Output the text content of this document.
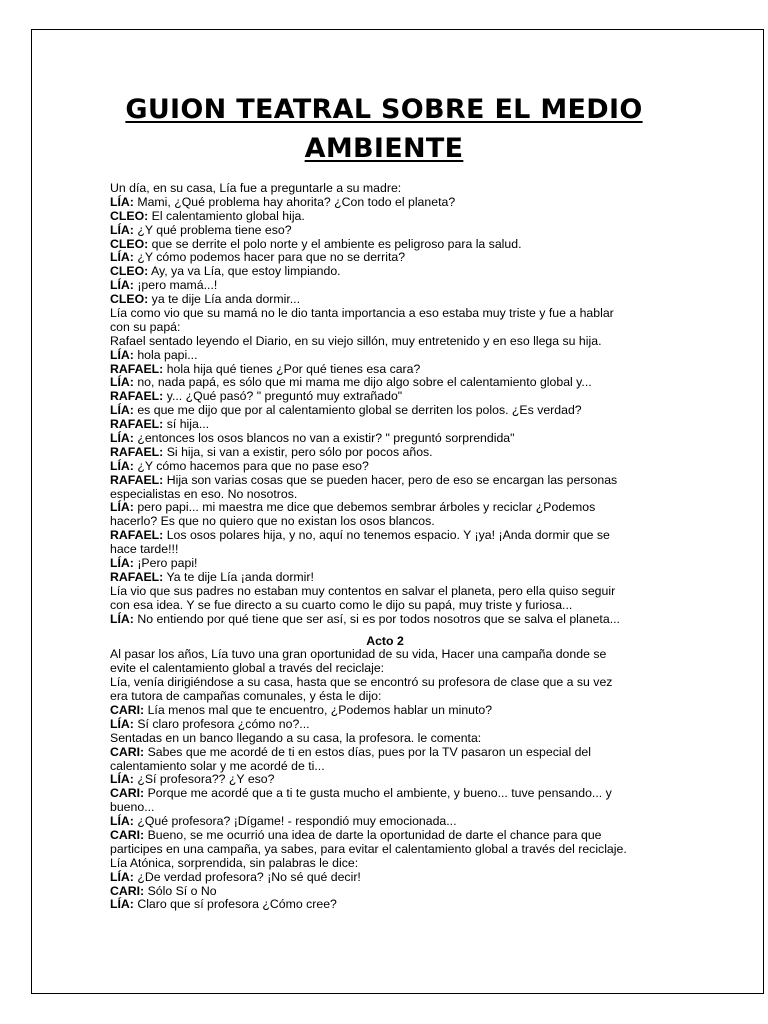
GUION TEATRAL SOBRE EL MEDIO
AMBIENTE
Un día, en su casa, Lía fue a preguntarle a su madre:
LÍA: Mami, ¿Qué problema hay ahorita? ¿Con todo el planeta?
CLEO: El calentamiento global hija.
LÍA: ¿Y qué problema tiene eso?
CLEO: que se derrite el polo norte y el ambiente es peligroso para la salud.
LÍA: ¿Y cómo podemos hacer para que no se derrita?
CLEO: Ay, ya va Lía, que estoy limpiando.
LÍA: ¡pero mamá...!
CLEO: ya te dije Lía anda dormir...
Lía como vio que su mamá no le dio tanta importancia a eso estaba muy triste y fue a hablar
con su papá:
Rafael sentado leyendo el Diario, en su viejo sillón, muy entretenido y en eso llega su hija.
LÍA: hola papi...
RAFAEL: hola hija qué tienes ¿Por qué tienes esa cara?
LÍA: no, nada papá, es sólo que mi mama me dijo algo sobre el calentamiento global y...
RAFAEL: y... ¿Qué pasó? " preguntó muy extrañado"
LÍA: es que me dijo que por al calentamiento global se derriten los polos. ¿Es verdad?
RAFAEL: sí hija...
LÍA: ¿entonces los osos blancos no van a existir? " preguntó sorprendida"
RAFAEL: Si hija, si van a existir, pero sólo por pocos años.
LÍA: ¿Y cómo hacemos para que no pase eso?
RAFAEL: Hija son varias cosas que se pueden hacer, pero de eso se encargan las personas
especialistas en eso. No nosotros.
LÍA: pero papi... mi maestra me dice que debemos sembrar árboles y reciclar ¿Podemos
hacerlo? Es que no quiero que no existan los osos blancos.
RAFAEL: Los osos polares hija, y no, aquí no tenemos espacio. Y ¡ya! ¡Anda dormir que se
hace tarde!!!
LÍA: ¡Pero papi!
RAFAEL: Ya te dije Lía ¡anda dormir!
Lía vio que sus padres no estaban muy contentos en salvar el planeta, pero ella quiso seguir
con esa idea. Y se fue directo a su cuarto como le dijo su papá, muy triste y furiosa...
LÍA: No entiendo por qué tiene que ser así, si es por todos nosotros que se salva el planeta...
Acto 2
Al pasar los años, Lía tuvo una gran oportunidad de su vida, Hacer una campaña donde se
evite el calentamiento global a través del reciclaje:
Lía, venía dirigiéndose a su casa, hasta que se encontró su profesora de clase que a su vez
era tutora de campañas comunales, y ésta le dijo:
CARI: Lía menos mal que te encuentro, ¿Podemos hablar un minuto?
LÍA: Sí claro profesora ¿cómo no?...
Sentadas en un banco llegando a su casa, la profesora. le comenta:
CARI: Sabes que me acordé de ti en estos días, pues por la TV pasaron un especial del
calentamiento solar y me acordé de ti...
LÍA: ¿Sí profesora?? ¿Y eso?
CARI: Porque me acordé que a ti te gusta mucho el ambiente, y bueno... tuve pensando... y
bueno...
LÍA: ¿Qué profesora? ¡Dígame! - respondió muy emocionada...
CARI: Bueno, se me ocurrió una idea de darte la oportunidad de darte el chance para que
participes en una campaña, ya sabes, para evitar el calentamiento global a través del reciclaje.
Lía Atónica, sorprendida, sin palabras le dice:
LÍA: ¿De verdad profesora? ¡No sé qué decir!
CARI: Sólo Sí o No
LÍA: Claro que sí profesora ¿Cómo cree?
